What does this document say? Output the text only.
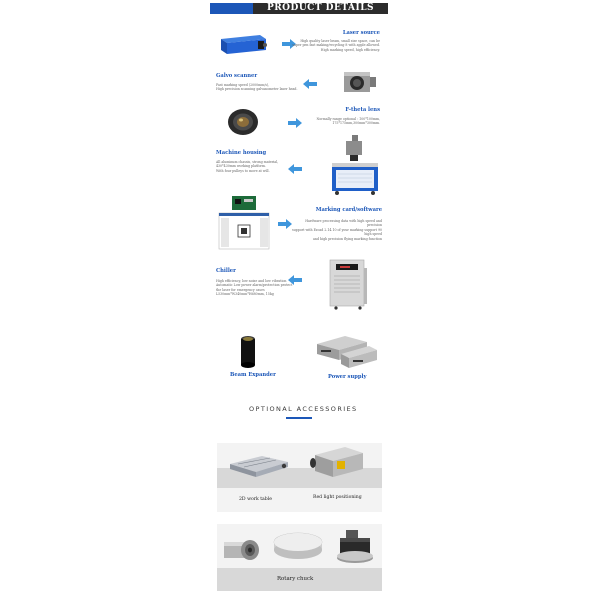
PRODUCT DETAILS
Laser source
High quality laser beam, small size space, can be
super pen fast making/recycling 8 with apple allowed.
High marking speed, high efficiency.
Galvo scanner
Fast marking speed (2000mm/s),
High precision scanning galvanometer laser head.
F-theta lens
Normally range optional : 100*100mm,
175*175mm,300mm*300mm.
Machine housing
All aluminum chassis, strong material,
430*430mm working platform.
With four pulleys to move at will.
Marking card/software
Hardware processing data with high speed and precision
support with Ezcad 2.14.10 of your marking support 90 high speed
and high precision flying marking function
Chiller
High efficiency, low noise and low vibration
Automatic Low power alarm/protection protect
the laser for emergency cases
L530mm*W340mm*H680mm, 15kg
Beam Expander	Power supply
OPTIONAL ACCESSORIES
2D work table	Red light positioning
Rotary chuck
